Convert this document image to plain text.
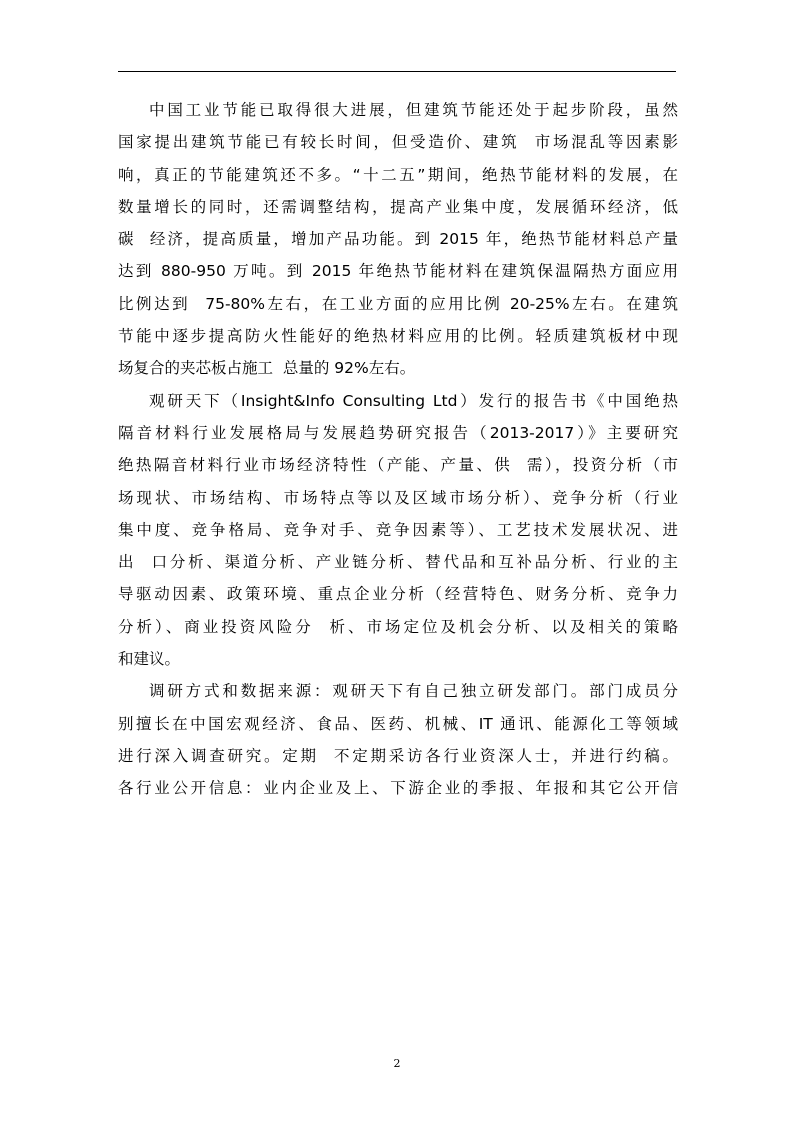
中国工业节能已取得很大进展，但建筑节能还处于起步阶段，虽然
国家提出建筑节能已有较长时间，但受造价、建筑  市场混乱等因素影
响，真正的节能建筑还不多。“十二五”期间，绝热节能材料的发展，在
数量增长的同时，还需调整结构，提高产业集中度，发展循环经济，低
碳  经济，提高质量，增加产品功能。到 2015 年，绝热节能材料总产量
达到 880-950 万吨。到 2015 年绝热节能材料在建筑保温隔热方面应用
比例达到  75-80%左右，在工业方面的应用比例 20-25%左右。在建筑
节能中逐步提高防火性能好的绝热材料应用的比例。轻质建筑板材中现
场复合的夹芯板占施工  总量的 92%左右。
观研天下（Insight&Info Consulting Ltd）发行的报告书《中国绝热
隔音材料行业发展格局与发展趋势研究报告（2013-2017）》主要研究
绝热隔音材料行业市场经济特性（产能、产量、供  需），投资分析（市
场现状、市场结构、市场特点等以及区域市场分析）、竞争分析（行业
集中度、竞争格局、竞争对手、竞争因素等）、工艺技术发展状况、进
出  口分析、渠道分析、产业链分析、替代品和互补品分析、行业的主
导驱动因素、政策环境、重点企业分析（经营特色、财务分析、竞争力
分析）、商业投资风险分  析、市场定位及机会分析、以及相关的策略
和建议。
调研方式和数据来源：观研天下有自己独立研发部门。部门成员分
别擅长在中国宏观经济、食品、医药、机械、IT 通讯、能源化工等领域
进行深入调查研究。定期  不定期采访各行业资深人士，并进行约稿。
各行业公开信息：业内企业及上、下游企业的季报、年报和其它公开信
2
